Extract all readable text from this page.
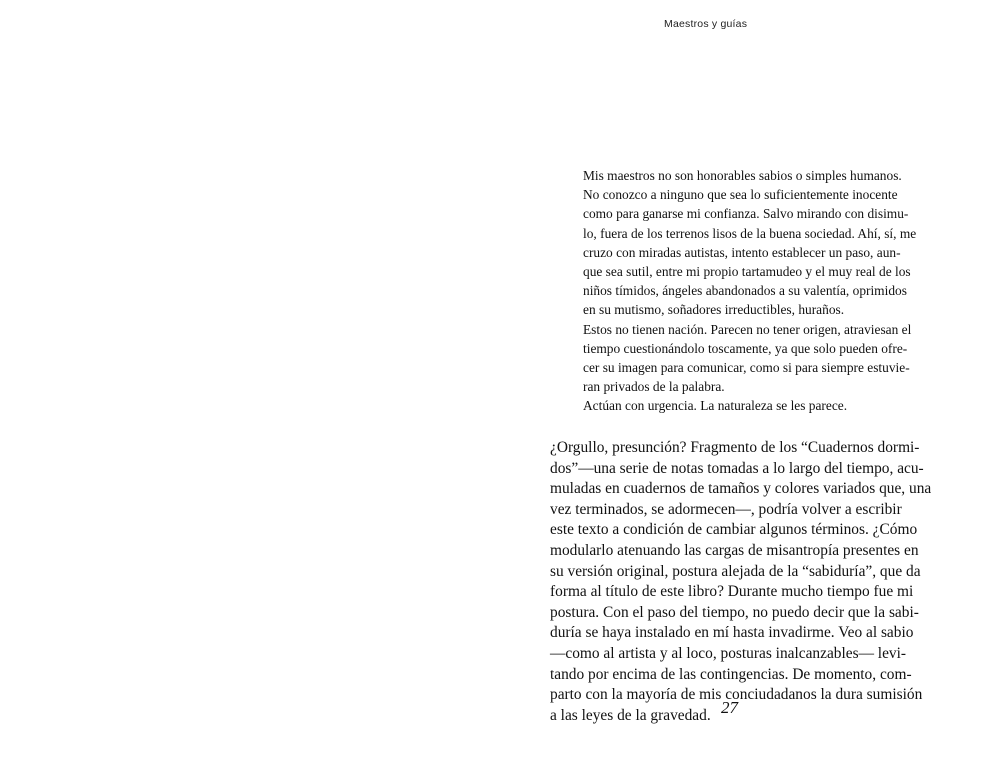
Maestros y guías
Mis maestros no son honorables sabios o simples humanos.
No conozco a ninguno que sea lo suficientemente inocente
como para ganarse mi confianza. Salvo mirando con disimu-
lo, fuera de los terrenos lisos de la buena sociedad. Ahí, sí, me
cruzo con miradas autistas, intento establecer un paso, aun-
que sea sutil, entre mi propio tartamudeo y el muy real de los
niños tímidos, ángeles abandonados a su valentía, oprimidos
en su mutismo, soñadores irreductibles, huraños.
Estos no tienen nación. Parecen no tener origen, atraviesan el
tiempo cuestionándolo toscamente, ya que solo pueden ofre-
cer su imagen para comunicar, como si para siempre estuvie-
ran privados de la palabra.
Actúan con urgencia. La naturaleza se les parece.
¿Orgullo, presunción? Fragmento de los “Cuadernos dormi-
dos”—una serie de notas tomadas a lo largo del tiempo, acu-
muladas en cuadernos de tamaños y colores variados que, una
vez terminados, se adormecen—, podría volver a escribir
este texto a condición de cambiar algunos términos. ¿Cómo
modularlo atenuando las cargas de misantropía presentes en
su versión original, postura alejada de la “sabiduría”, que da
forma al título de este libro? Durante mucho tiempo fue mi
postura. Con el paso del tiempo, no puedo decir que la sabi-
duría se haya instalado en mí hasta invadirme. Veo al sabio
—como al artista y al loco, posturas inalcanzables— levi-
tando por encima de las contingencias. De momento, com-
parto con la mayoría de mis conciudadanos la dura sumisión
a las leyes de la gravedad. 27
